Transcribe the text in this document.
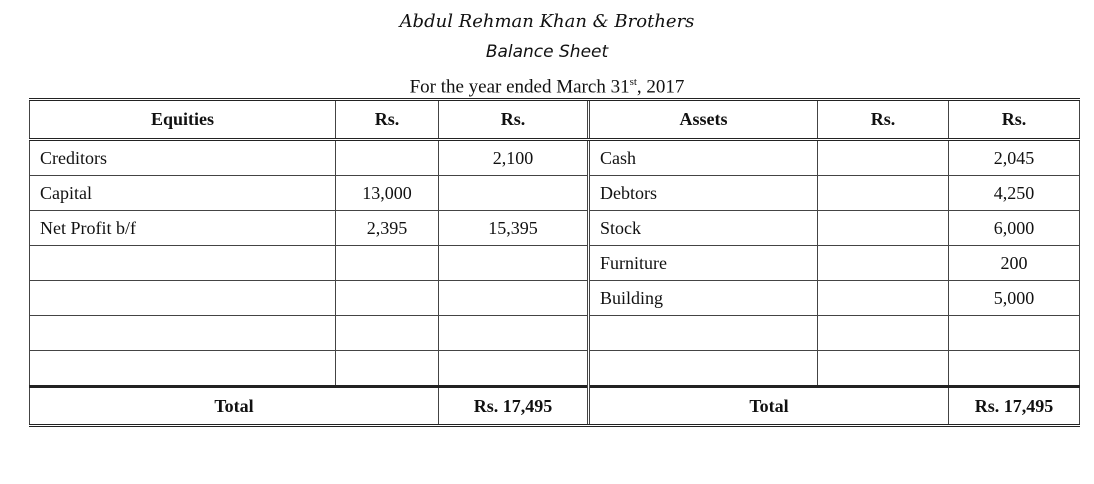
Abdul Rehman Khan & Brothers
Balance Sheet
For the year ended March 31st, 2017
Equities	Rs.	Rs.	Assets	Rs.	Rs.
Creditors		2,100	Cash		2,045
Capital	13,000		Debtors		4,250
Net Profit b/f	2,395	15,395	Stock		6,000
			Furniture		200
			Building		5,000

Total		Rs. 17,495	Total		Rs. 17,495
